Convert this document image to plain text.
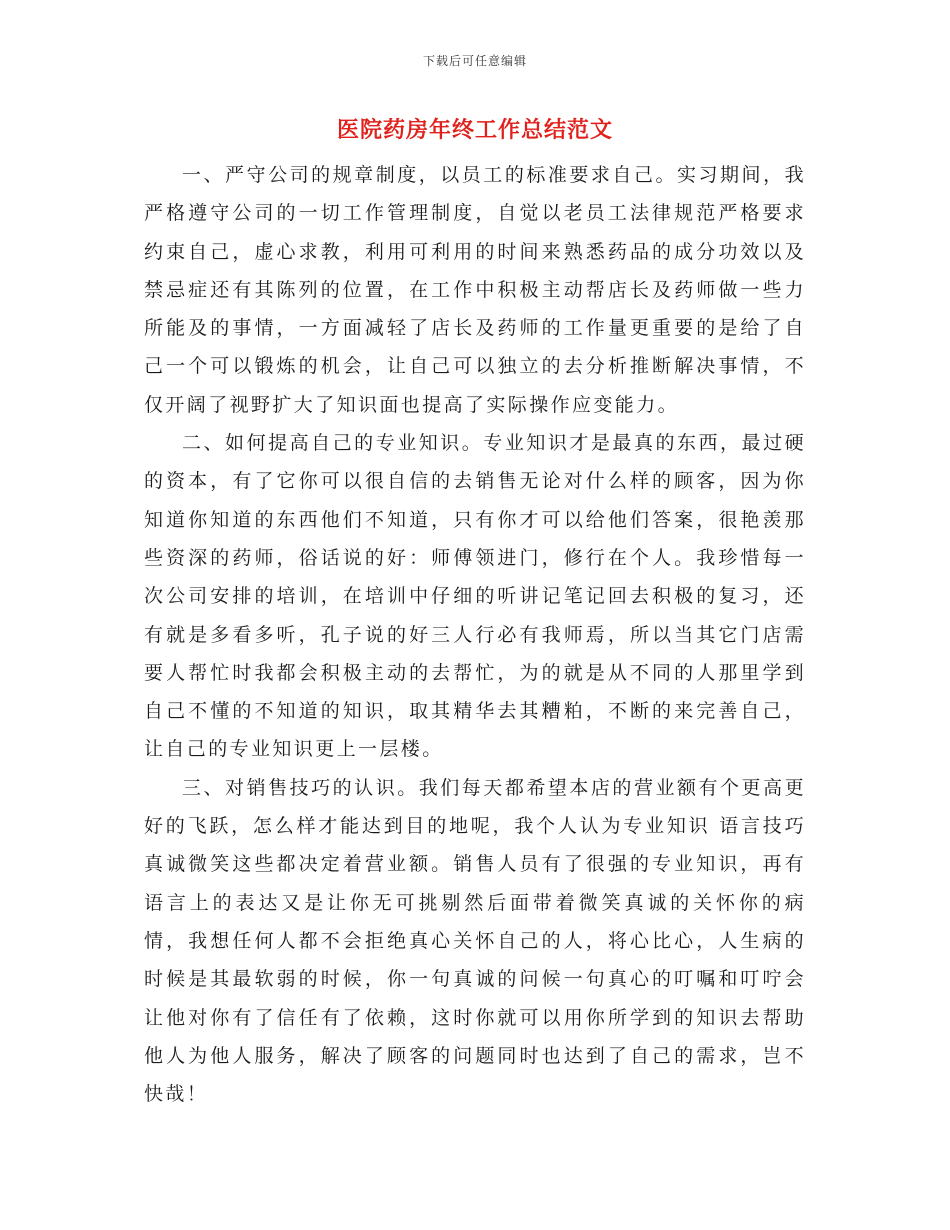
下载后可任意编辑
医院药房年终工作总结范文

一、严守公司的规章制度，以员工的标准要求自己。实习期间，我严格遵守公司的一切工作管理制度，自觉以老员工法律规范严格要求约束自己，虚心求教，利用可利用的时间来熟悉药品的成分功效以及禁忌症还有其陈列的位置，在工作中积极主动帮店长及药师做一些力所能及的事情，一方面减轻了店长及药师的工作量更重要的是给了自己一个可以锻炼的机会，让自己可以独立的去分析推断解决事情，不仅开阔了视野扩大了知识面也提高了实际操作应变能力。

二、如何提高自己的专业知识。专业知识才是最真的东西，最过硬的资本，有了它你可以很自信的去销售无论对什么样的顾客，因为你知道你知道的东西他们不知道，只有你才可以给他们答案，很艳羡那些资深的药师，俗话说的好：师傅领进门，修行在个人。我珍惜每一次公司安排的培训，在培训中仔细的听讲记笔记回去积极的复习，还有就是多看多听，孔子说的好三人行必有我师焉，所以当其它门店需要人帮忙时我都会积极主动的去帮忙，为的就是从不同的人那里学到自己不懂的不知道的知识，取其精华去其糟粕，不断的来完善自己，让自己的专业知识更上一层楼。

三、对销售技巧的认识。我们每天都希望本店的营业额有个更高更好的飞跃，怎么样才能达到目的地呢，我个人认为专业知识 语言技巧 真诚微笑这些都决定着营业额。销售人员有了很强的专业知识，再有语言上的表达又是让你无可挑剔然后面带着微笑真诚的关怀你的病情，我想任何人都不会拒绝真心关怀自己的人，将心比心，人生病的时候是其最软弱的时候，你一句真诚的问候一句真心的叮嘱和叮咛会让他对你有了信任有了依赖，这时你就可以用你所学到的知识去帮助他人为他人服务，解决了顾客的问题同时也达到了自己的需求，岂不快哉！
